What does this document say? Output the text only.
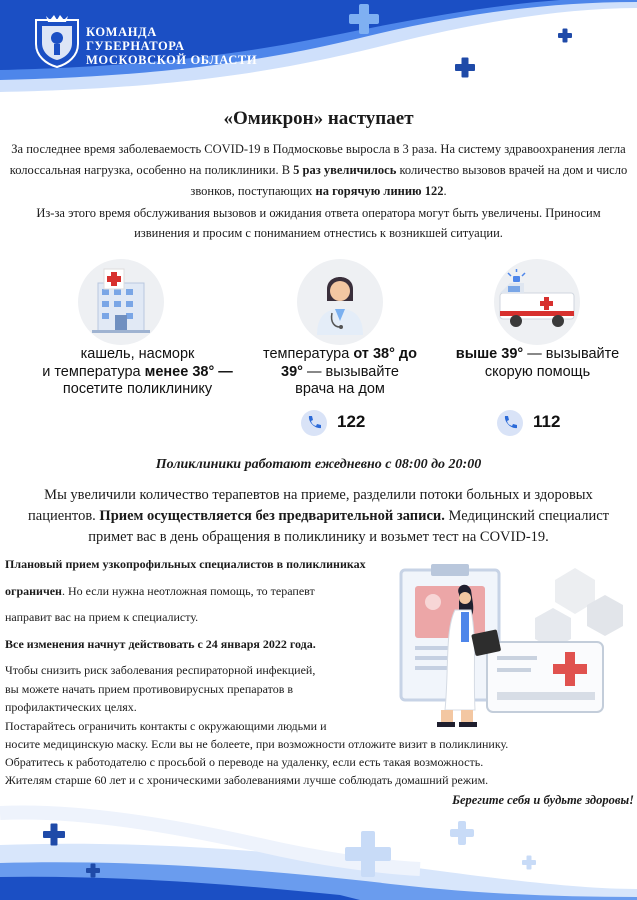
КОМАНДА
ГУБЕРНАТОРА
МОСКОВСКОЙ ОБЛАСТИ
«Омикрон» наступает
За последнее время заболеваемость COVID-19 в Подмосковье выросла в 3 раза. На систему здравоохранения легла колоссальная нагрузка, особенно на поликлиники. В 5 раз увеличилось количество вызовов врачей на дом и число звонков, поступающих на горячую линию 122.
Из-за этого время обслуживания вызовов и ожидания ответа оператора могут быть увеличены. Приносим извинения и просим с пониманием отнестись к возникшей ситуации.
кашель, насморк
и температура менее 38° —
посетите поликлинику
температура от 38° до
39° — вызывайте
врача на дом
выше 39° — вызывайте
скорую помощь
122	112
Поликлиники работают ежедневно с 08:00 до 20:00
Мы увеличили количество терапевтов на приеме, разделили потоки больных и здоровых пациентов. Прием осуществляется без предварительной записи. Медицинский специалист примет вас в день обращения в поликлинику и возьмет тест на COVID-19.
Плановый прием узкопрофильных специалистов в поликлиниках
ограничен. Но если нужна неотложная помощь, то терапевт
направит вас на прием к специалисту.
Все изменения начнут действовать с 24 января 2022 года.
Чтобы снизить риск заболевания респираторной инфекцией,
вы можете начать прием противовирусных препаратов в
профилактических целях.
Постарайтесь ограничить контакты с окружающими людьми и
носите медицинскую маску. Если вы не болеете, при возможности отложите визит в поликлинику.
Обратитесь к работодателю с просьбой о переводе на удаленку, если есть такая возможность.
Жителям старше 60 лет и с хроническими заболеваниями лучше соблюдать домашний режим.
Берегите себя и будьте здоровы!
